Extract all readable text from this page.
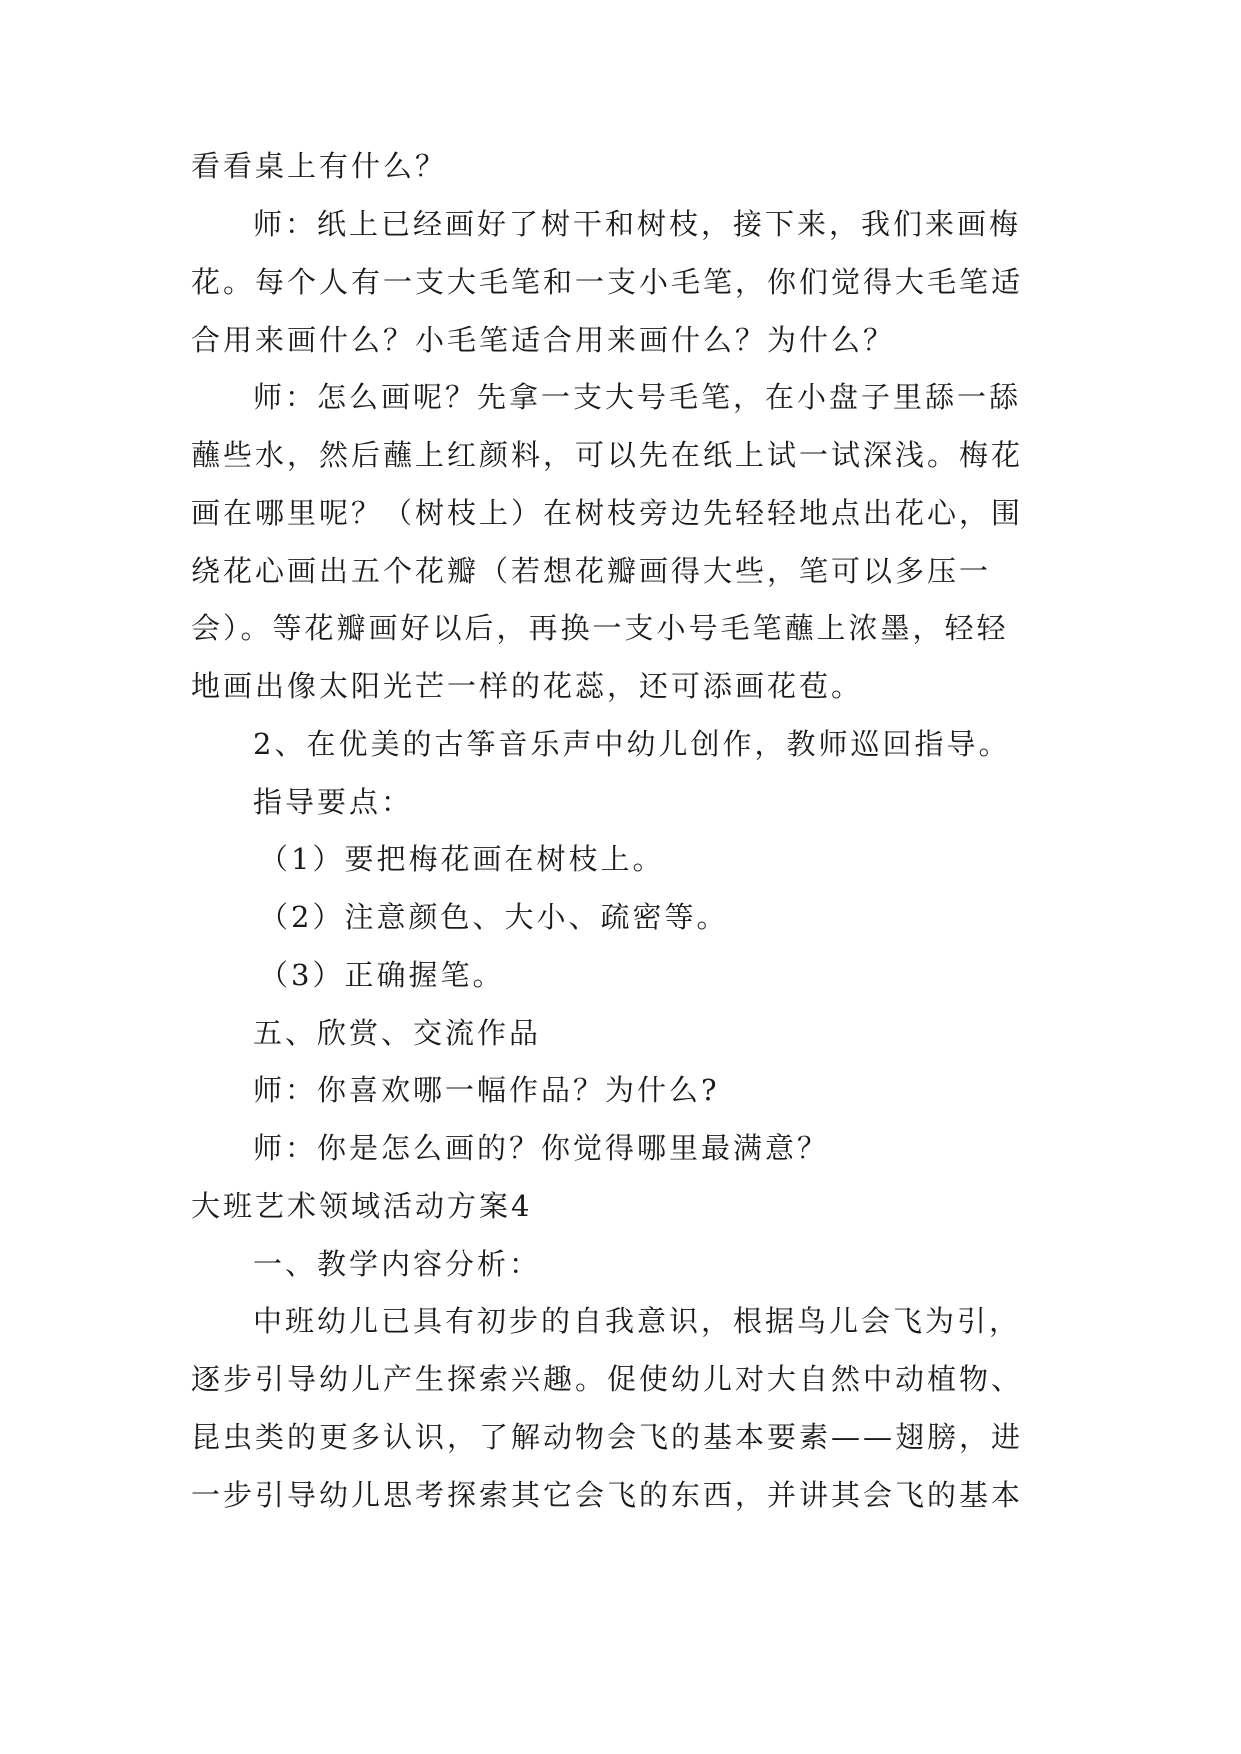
看看桌上有什么？
师：纸上已经画好了树干和树枝，接下来，我们来画梅
花。每个人有一支大毛笔和一支小毛笔，你们觉得大毛笔适
合用来画什么？小毛笔适合用来画什么？为什么？
师：怎么画呢？先拿一支大号毛笔，在小盘子里舔一舔
蘸些水，然后蘸上红颜料，可以先在纸上试一试深浅。梅花
画在哪里呢？（树枝上）在树枝旁边先轻轻地点出花心，围
绕花心画出五个花瓣（若想花瓣画得大些，笔可以多压一
会）。等花瓣画好以后，再换一支小号毛笔蘸上浓墨，轻轻
地画出像太阳光芒一样的花蕊，还可添画花苞。
2、在优美的古筝音乐声中幼儿创作，教师巡回指导。
指导要点：
（1）要把梅花画在树枝上。
（2）注意颜色、大小、疏密等。
（3）正确握笔。
五、欣赏、交流作品
师：你喜欢哪一幅作品？为什么?
师：你是怎么画的？你觉得哪里最满意？
大班艺术领域活动方案4
一、教学内容分析：
中班幼儿已具有初步的自我意识，根据鸟儿会飞为引，
逐步引导幼儿产生探索兴趣。促使幼儿对大自然中动植物、
昆虫类的更多认识，了解动物会飞的基本要素——翅膀，进
一步引导幼儿思考探索其它会飞的东西，并讲其会飞的基本
